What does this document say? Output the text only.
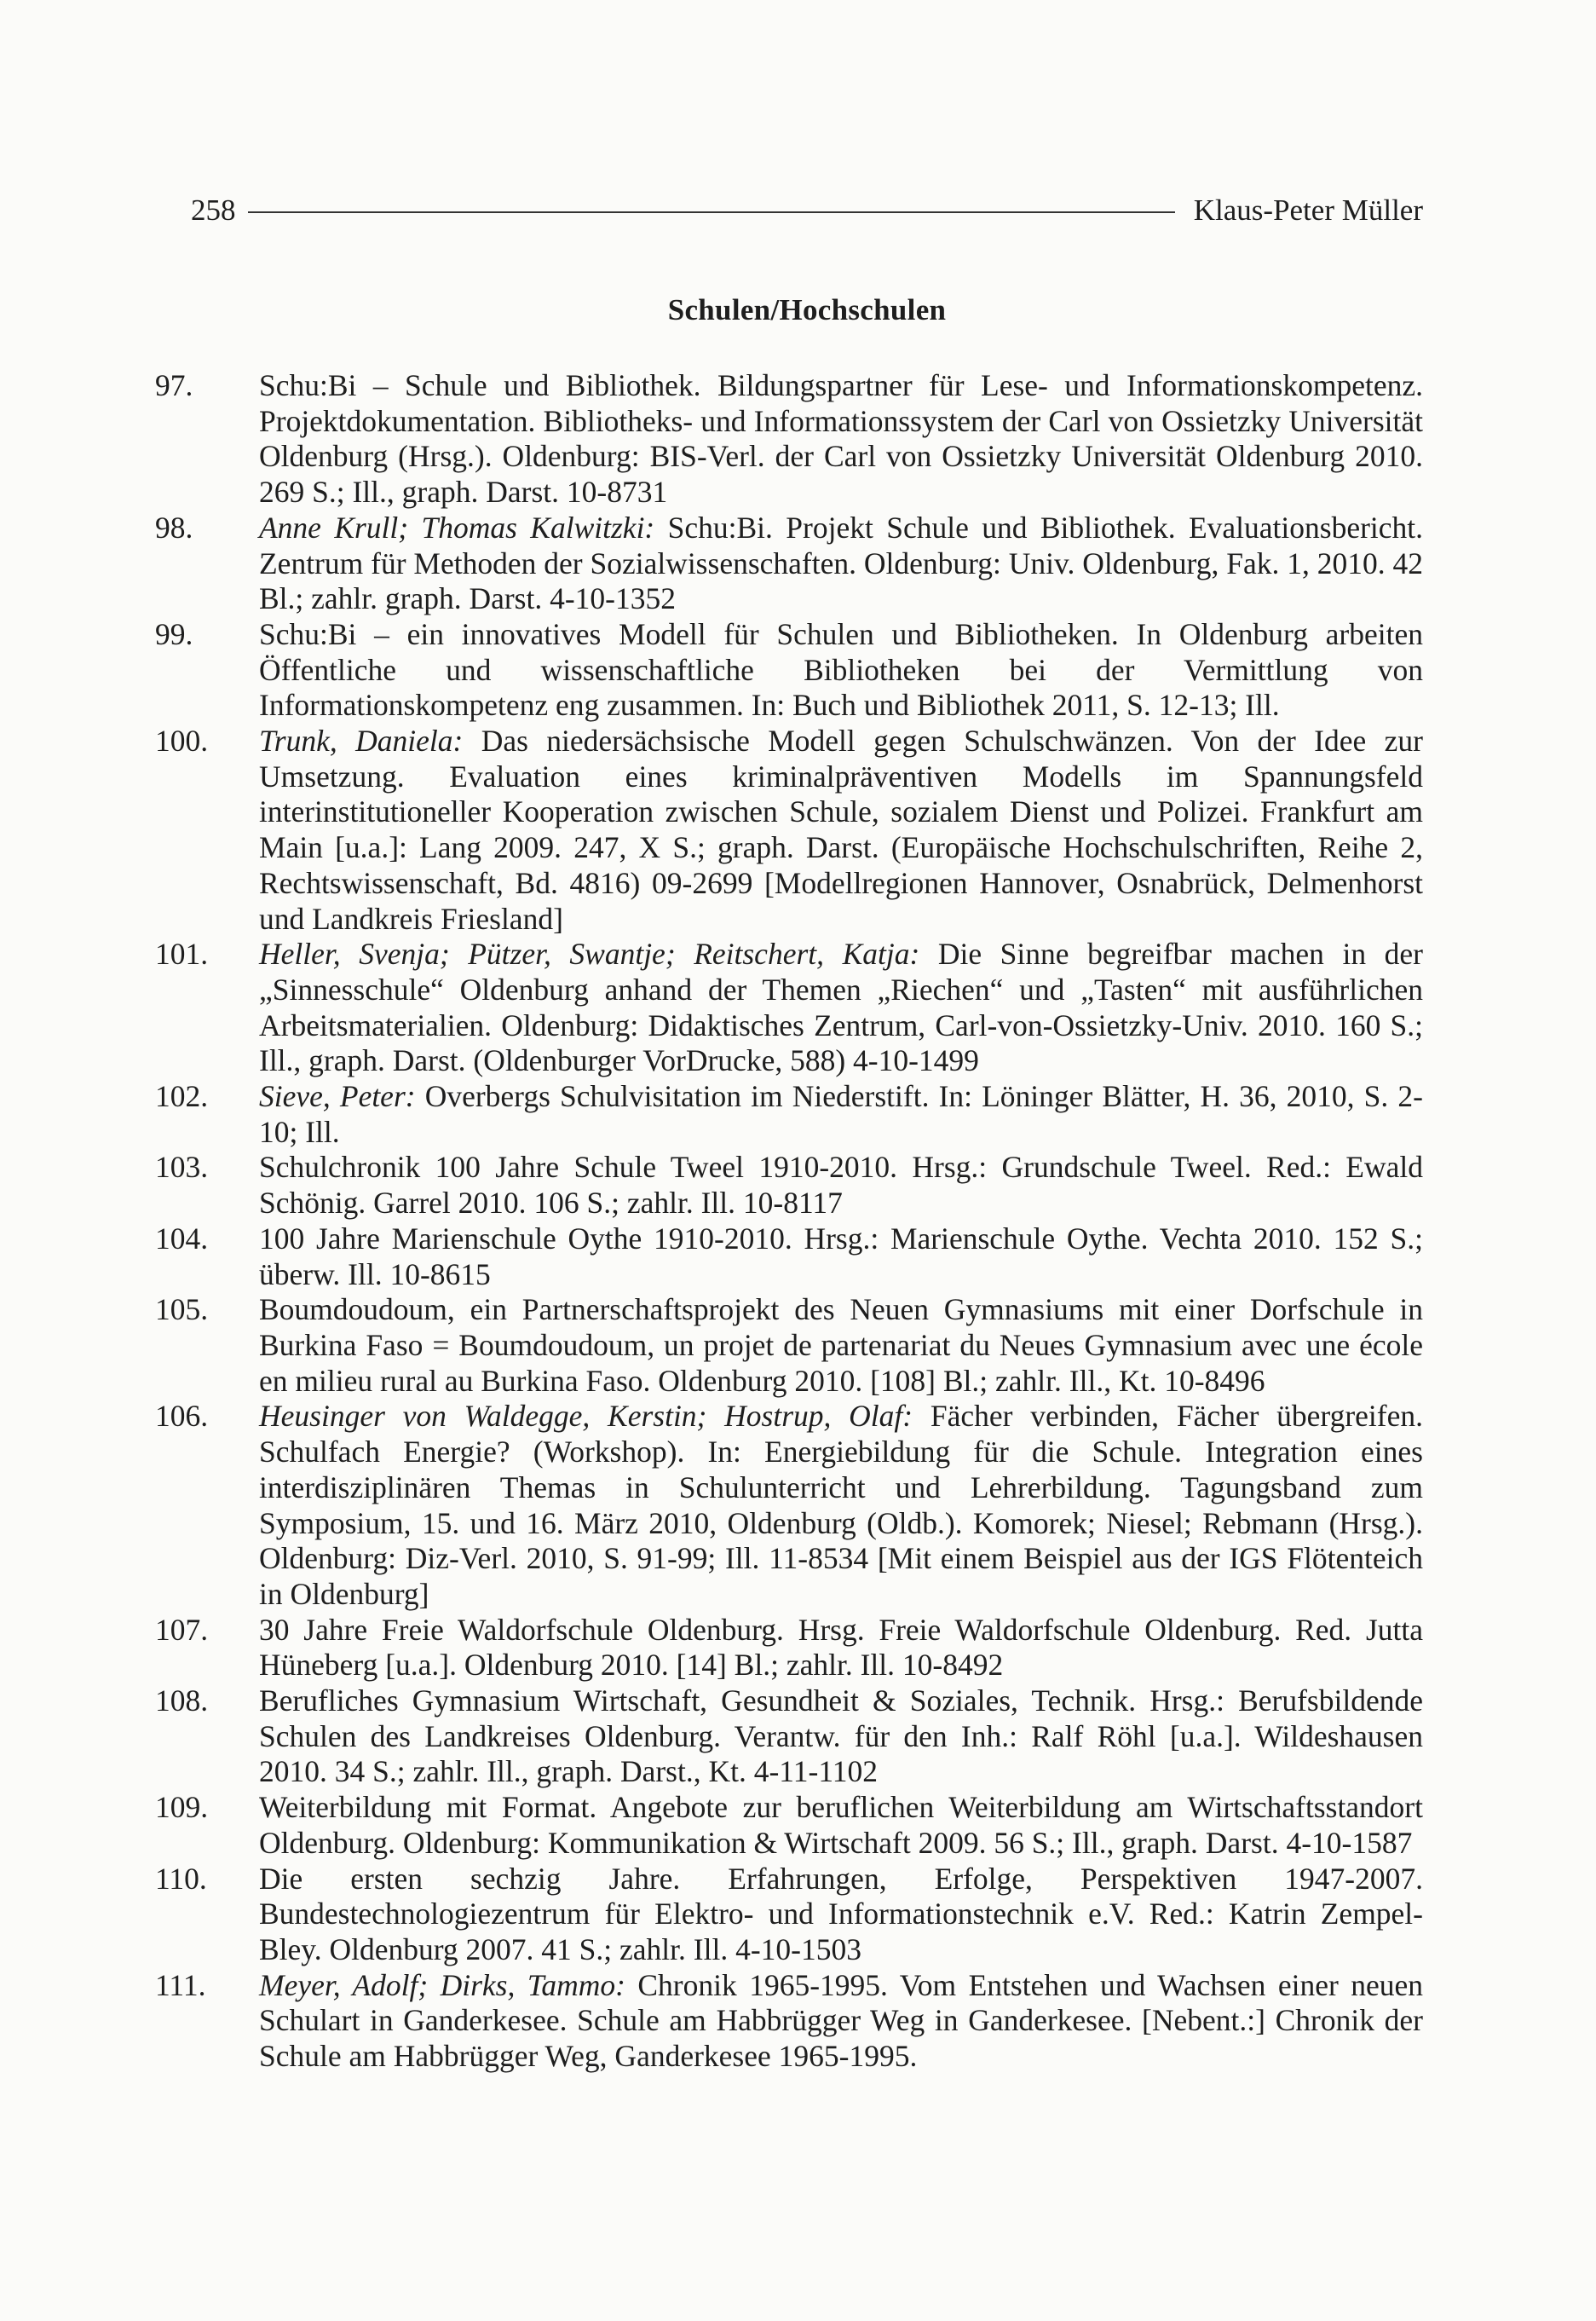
258	Klaus-Peter Müller
Schulen/Hochschulen
97.	Schu:Bi – Schule und Bibliothek. Bildungspartner für Lese- und Informationskompetenz. Projektdokumentation. Bibliotheks- und Informationssystem der Carl von Ossietzky Universität Oldenburg (Hrsg.). Oldenburg: BIS-Verl. der Carl von Ossietzky Universität Oldenburg 2010. 269 S.; Ill., graph. Darst. 10-8731
98.	Anne Krull; Thomas Kalwitzki: Schu:Bi. Projekt Schule und Bibliothek. Evaluationsbericht. Zentrum für Methoden der Sozialwissenschaften. Oldenburg: Univ. Oldenburg, Fak. 1, 2010. 42 Bl.; zahlr. graph. Darst. 4-10-1352
99.	Schu:Bi – ein innovatives Modell für Schulen und Bibliotheken. In Oldenburg arbeiten Öffentliche und wissenschaftliche Bibliotheken bei der Vermittlung von Informationskompetenz eng zusammen. In: Buch und Bibliothek 2011, S. 12-13; Ill.
100.	Trunk, Daniela: Das niedersächsische Modell gegen Schulschwänzen. Von der Idee zur Umsetzung. Evaluation eines kriminalpräventiven Modells im Spannungsfeld interinstitutioneller Kooperation zwischen Schule, sozialem Dienst und Polizei. Frankfurt am Main [u.a.]: Lang 2009. 247, X S.; graph. Darst. (Europäische Hochschulschriften, Reihe 2, Rechtswissenschaft, Bd. 4816) 09-2699 [Modellregionen Hannover, Osnabrück, Delmenhorst und Landkreis Friesland]
101.	Heller, Svenja; Pützer, Swantje; Reitschert, Katja: Die Sinne begreifbar machen in der „Sinnesschule“ Oldenburg anhand der Themen „Riechen“ und „Tasten“ mit ausführlichen Arbeitsmaterialien. Oldenburg: Didaktisches Zentrum, Carl-von-Ossietzky-Univ. 2010. 160 S.; Ill., graph. Darst. (Oldenburger VorDrucke, 588) 4-10-1499
102.	Sieve, Peter: Overbergs Schulvisitation im Niederstift. In: Löninger Blätter, H. 36, 2010, S. 2-10; Ill.
103.	Schulchronik 100 Jahre Schule Tweel 1910-2010. Hrsg.: Grundschule Tweel. Red.: Ewald Schönig. Garrel 2010. 106 S.; zahlr. Ill. 10-8117
104.	100 Jahre Marienschule Oythe 1910-2010. Hrsg.: Marienschule Oythe. Vechta 2010. 152 S.; überw. Ill. 10-8615
105.	Boumdoudoum, ein Partnerschaftsprojekt des Neuen Gymnasiums mit einer Dorfschule in Burkina Faso = Boumdoudoum, un projet de partenariat du Neues Gymnasium avec une école en milieu rural au Burkina Faso. Oldenburg 2010. [108] Bl.; zahlr. Ill., Kt. 10-8496
106.	Heusinger von Waldegge, Kerstin; Hostrup, Olaf: Fächer verbinden, Fächer übergreifen. Schulfach Energie? (Workshop). In: Energiebildung für die Schule. Integration eines interdisziplinären Themas in Schulunterricht und Lehrerbildung. Tagungsband zum Symposium, 15. und 16. März 2010, Oldenburg (Oldb.). Komorek; Niesel; Rebmann (Hrsg.). Oldenburg: Diz-Verl. 2010, S. 91-99; Ill. 11-8534 [Mit einem Beispiel aus der IGS Flötenteich in Oldenburg]
107.	30 Jahre Freie Waldorfschule Oldenburg. Hrsg. Freie Waldorfschule Oldenburg. Red. Jutta Hüneberg [u.a.]. Oldenburg 2010. [14] Bl.; zahlr. Ill. 10-8492
108.	Berufliches Gymnasium Wirtschaft, Gesundheit & Soziales, Technik. Hrsg.: Berufsbildende Schulen des Landkreises Oldenburg. Verantw. für den Inh.: Ralf Röhl [u.a.]. Wildeshausen 2010. 34 S.; zahlr. Ill., graph. Darst., Kt. 4-11-1102
109.	Weiterbildung mit Format. Angebote zur beruflichen Weiterbildung am Wirtschaftsstandort Oldenburg. Oldenburg: Kommunikation & Wirtschaft 2009. 56 S.; Ill., graph. Darst. 4-10-1587
110.	Die ersten sechzig Jahre. Erfahrungen, Erfolge, Perspektiven 1947-2007. Bundestechnologiezentrum für Elektro- und Informationstechnik e.V. Red.: Katrin Zempel-Bley. Oldenburg 2007. 41 S.; zahlr. Ill. 4-10-1503
111.	Meyer, Adolf; Dirks, Tammo: Chronik 1965-1995. Vom Entstehen und Wachsen einer neuen Schulart in Ganderkesee. Schule am Habbrügger Weg in Ganderkesee. [Nebent.:] Chronik der Schule am Habbrügger Weg, Ganderkesee 1965-1995.
